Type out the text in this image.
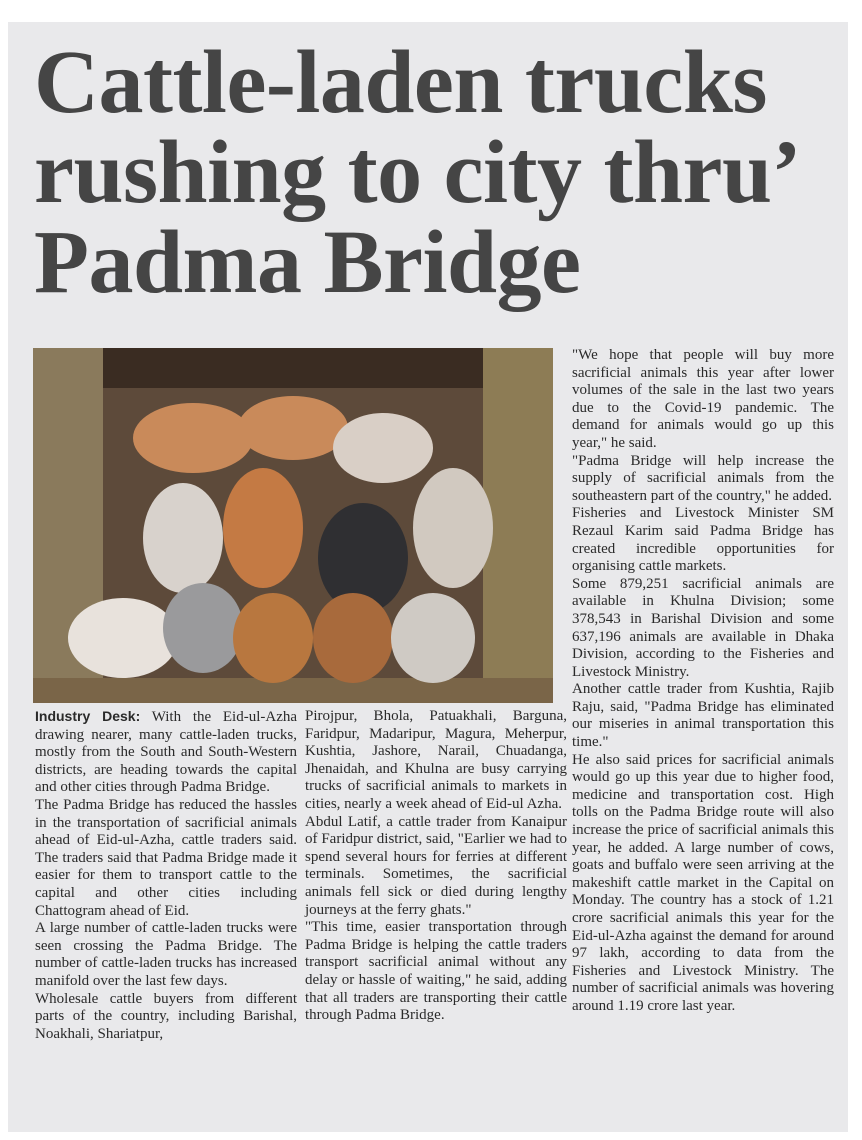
Cattle-laden trucks
rushing to city thru’
Padma Bridge

Industry Desk: With the Eid-ul-Azha drawing nearer, many cattle-laden trucks, mostly from the South and South-Western districts, are heading towards the capital and other cities through Padma Bridge.

The Padma Bridge has reduced the hassles in the transportation of sacrificial animals ahead of Eid-ul-Azha, cattle traders said. The traders said that Padma Bridge made it easier for them to transport cattle to the capital and other cities including Chattogram ahead of Eid.

A large number of cattle-laden trucks were seen crossing the Padma Bridge. The number of cattle-laden trucks has increased manifold over the last few days.

Wholesale cattle buyers from different parts of the country, including Barishal, Noakhali, Shariatpur,

Pirojpur, Bhola, Patuakhali, Barguna, Faridpur, Madaripur, Magura, Meherpur, Kushtia, Jashore, Narail, Chuadanga, Jhenaidah, and Khulna are busy carrying trucks of sacrificial animals to markets in cities, nearly a week ahead of Eid-ul Azha.

Abdul Latif, a cattle trader from Kanaipur of Faridpur district, said, "Earlier we had to spend several hours for ferries at different terminals. Sometimes, the sacrificial animals fell sick or died during lengthy journeys at the ferry ghats."

"This time, easier transportation through Padma Bridge is helping the cattle traders transport sacrificial animal without any delay or hassle of waiting," he said, adding that all traders are transporting their cattle through Padma Bridge.

"We hope that people will buy more sacrificial animals this year after lower volumes of the sale in the last two years due to the Covid-19 pandemic. The demand for animals would go up this year," he said.

"Padma Bridge will help increase the supply of sacrificial animals from the southeastern part of the country," he added.

Fisheries and Livestock Minister SM Rezaul Karim said Padma Bridge has created incredible opportunities for organising cattle markets.

Some 879,251 sacrificial animals are available in Khulna Division; some 378,543 in Barishal Division and some 637,196 animals are available in Dhaka Division, according to the Fisheries and Livestock Ministry.

Another cattle trader from Kushtia, Rajib Raju, said, "Padma Bridge has eliminated our miseries in animal transportation this time."

He also said prices for sacrificial animals would go up this year due to higher food, medicine and transportation cost. High tolls on the Padma Bridge route will also increase the price of sacrificial animals this year, he added. A large number of cows, goats and buffalo were seen arriving at the makeshift cattle market in the Capital on Monday. The country has a stock of 1.21 crore sacrificial animals this year for the Eid-ul-Azha against the demand for around 97 lakh, according to data from the Fisheries and Livestock Ministry. The number of sacrificial animals was hovering around 1.19 crore last year.
